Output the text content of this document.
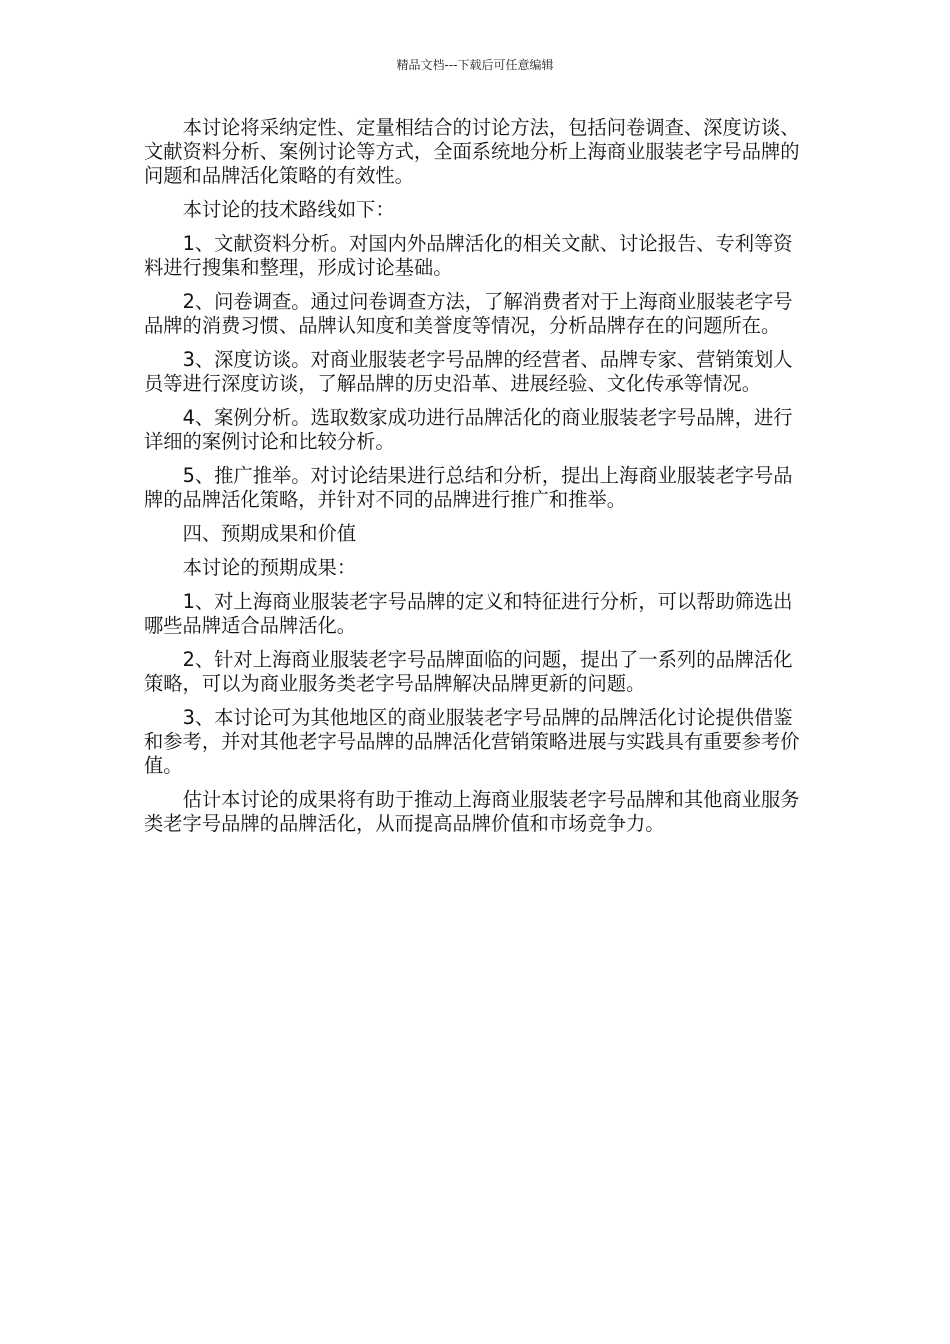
精品文档---下载后可任意编辑

本讨论将采纳定性、定量相结合的讨论方法，包括问卷调查、深度访谈、文献资料分析、案例讨论等方式，全面系统地分析上海商业服装老字号品牌的问题和品牌活化策略的有效性。

本讨论的技术路线如下：

1、文献资料分析。对国内外品牌活化的相关文献、讨论报告、专利等资料进行搜集和整理，形成讨论基础。

2、问卷调查。通过问卷调查方法，了解消费者对于上海商业服装老字号品牌的消费习惯、品牌认知度和美誉度等情况，分析品牌存在的问题所在。

3、深度访谈。对商业服装老字号品牌的经营者、品牌专家、营销策划人员等进行深度访谈，了解品牌的历史沿革、进展经验、文化传承等情况。

4、案例分析。选取数家成功进行品牌活化的商业服装老字号品牌，进行详细的案例讨论和比较分析。

5、推广推举。对讨论结果进行总结和分析，提出上海商业服装老字号品牌的品牌活化策略，并针对不同的品牌进行推广和推举。

四、预期成果和价值

本讨论的预期成果：

1、对上海商业服装老字号品牌的定义和特征进行分析，可以帮助筛选出哪些品牌适合品牌活化。

2、针对上海商业服装老字号品牌面临的问题，提出了一系列的品牌活化策略，可以为商业服务类老字号品牌解决品牌更新的问题。

3、本讨论可为其他地区的商业服装老字号品牌的品牌活化讨论提供借鉴和参考，并对其他老字号品牌的品牌活化营销策略进展与实践具有重要参考价值。

估计本讨论的成果将有助于推动上海商业服装老字号品牌和其他商业服务类老字号品牌的品牌活化，从而提高品牌价值和市场竞争力。
